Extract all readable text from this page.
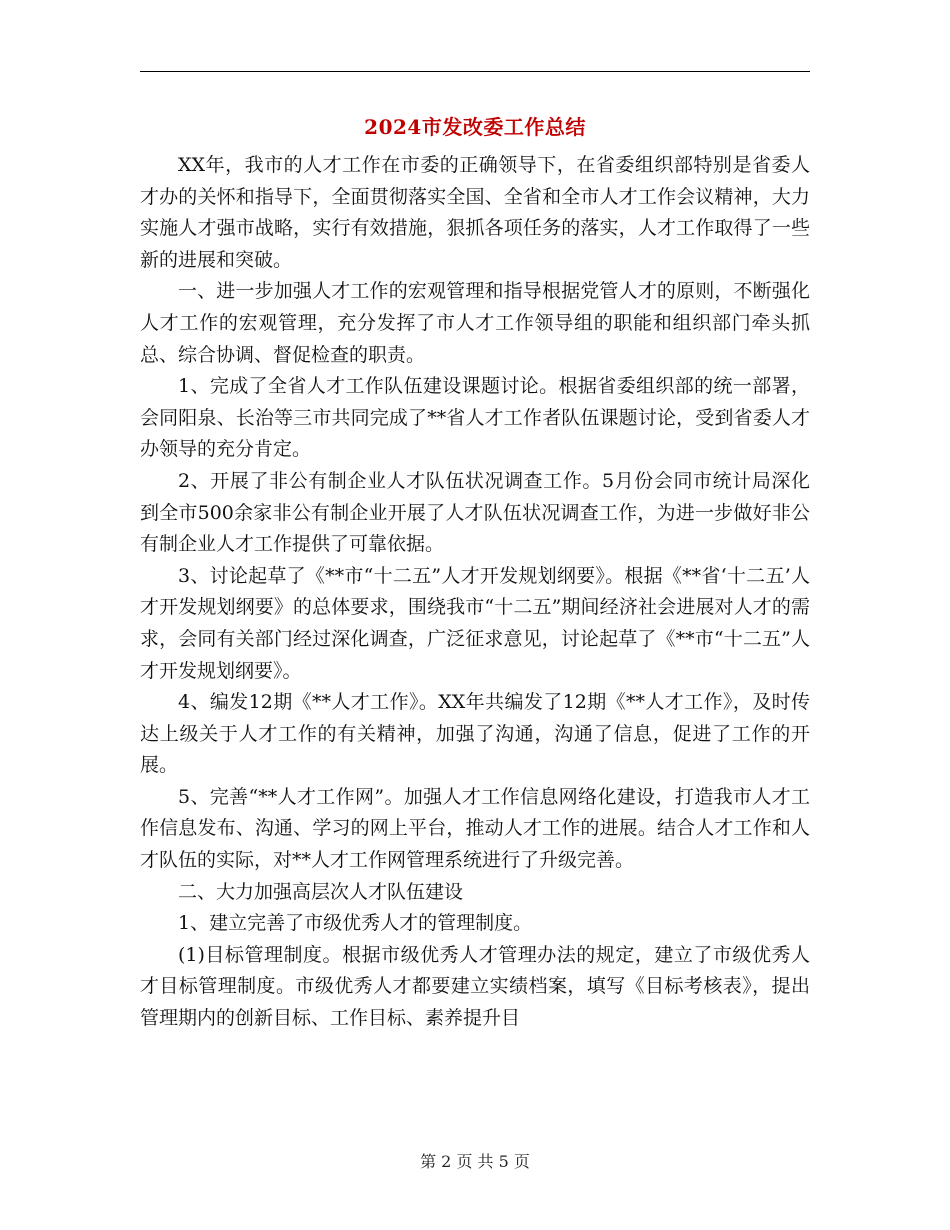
2024市发改委工作总结

XX年，我市的人才工作在市委的正确领导下，在省委组织部特别是省委人才办的关怀和指导下，全面贯彻落实全国、全省和全市人才工作会议精神，大力实施人才强市战略，实行有效措施，狠抓各项任务的落实，人才工作取得了一些新的进展和突破。

一、进一步加强人才工作的宏观管理和指导根据党管人才的原则，不断强化人才工作的宏观管理，充分发挥了市人才工作领导组的职能和组织部门牵头抓总、综合协调、督促检查的职责。

1、完成了全省人才工作队伍建设课题讨论。根据省委组织部的统一部署，会同阳泉、长治等三市共同完成了**省人才工作者队伍课题讨论，受到省委人才办领导的充分肯定。

2、开展了非公有制企业人才队伍状况调查工作。5月份会同市统计局深化到全市500余家非公有制企业开展了人才队伍状况调查工作，为进一步做好非公有制企业人才工作提供了可靠依据。

3、讨论起草了《**市“十二五”人才开发规划纲要》。根据《**省‘十二五’人才开发规划纲要》的总体要求，围绕我市“十二五”期间经济社会进展对人才的需求，会同有关部门经过深化调查，广泛征求意见，讨论起草了《**市“十二五”人才开发规划纲要》。

4、编发12期《**人才工作》。XX年共编发了12期《**人才工作》，及时传达上级关于人才工作的有关精神，加强了沟通，沟通了信息，促进了工作的开展。

5、完善“**人才工作网”。加强人才工作信息网络化建设，打造我市人才工作信息发布、沟通、学习的网上平台，推动人才工作的进展。结合人才工作和人才队伍的实际，对**人才工作网管理系统进行了升级完善。

二、大力加强高层次人才队伍建设

1、建立完善了市级优秀人才的管理制度。

(1)目标管理制度。根据市级优秀人才管理办法的规定，建立了市级优秀人才目标管理制度。市级优秀人才都要建立实绩档案，填写《目标考核表》，提出管理期内的创新目标、工作目标、素养提升目

第 2 页 共 5 页
